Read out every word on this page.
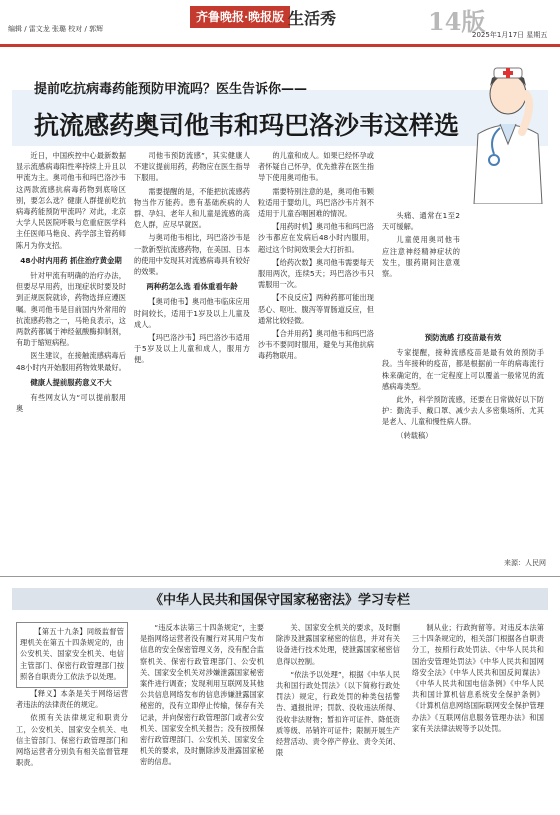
编辑 / 雷文龙 张璐 校对 / 郭辉
齐鲁晚报·晚报版 生活秀	14版
2025年1月17日 星期五
提前吃抗病毒药能预防甲流吗？医生告诉你——
抗流感药奥司他韦和玛巴洛沙韦这样选

近日，中国疾控中心最新数据显示流感病毒阳性率持续上升且以甲流为主。奥司他韦和玛巴洛沙韦这两款流感抗病毒药物到底啥区别，要怎么选？健康人群提前吃抗病毒药能预防甲流吗？对此，北京大学人民医院呼吸与危重症医学科主任医师马艳良、药学部主管药师陈月为你支招。

48小时内用药 抓住治疗黄金期

针对甲流有明确的治疗办法，但要尽早用药，出现症状时要及时到正规医院就诊，药物选择应遵医嘱。奥司他韦是目前国内外常用的抗流感药物之一，马艳良表示，这两款药都属于神经氨酸酶抑制剂，有助于缩短病程。

医生建议，在接触流感病毒后48小时内开始服用药物效果最好。

健康人提前服药意义不大

有些网友认为“可以提前服用奥

司他韦预防流感”，其实健康人不建议提前用药，药物应在医生指导下服用。

需要提醒的是，不能把抗流感药物当作万能药。患有基础疾病的人群、孕妇、老年人和儿童是流感的高危人群，应尽早就医。

与奥司他韦相比，玛巴洛沙韦是一款新型抗流感药物，在美国、日本的使用中发现其对流感病毒具有较好的效果。

两种药怎么选 看体重看年龄

【奥司他韦】奥司他韦临床应用时间较长，适用于1岁及以上儿童及成人。

【玛巴洛沙韦】玛巴洛沙韦适用于5岁及以上儿童和成人，服用方便。

的儿童和成人。如果已经怀孕或者怀疑自己怀孕，优先推荐在医生指导下使用奥司他韦。

需要特别注意的是，奥司他韦颗粒适用于婴幼儿，玛巴洛沙韦片剂不适用于儿童吞咽困难的情况。

【用药时机】奥司他韦和玛巴洛沙韦都应在发病后48小时内服用，超过这个时间效果会大打折扣。

【给药次数】奥司他韦需要每天服用两次，连续5天；玛巴洛沙韦只需服用一次。

【不良反应】两种药都可能出现恶心、呕吐、腹泻等胃肠道反应，但通常比较轻微。

【合并用药】奥司他韦和玛巴洛沙韦不要同时服用，避免与其他抗病毒药物联用。

头痛、通常在1至2天可缓解。

儿童使用奥司他韦应注意神经精神症状的发生，服药期间注意观察。

预防流感 打疫苗最有效

专家提醒，接种流感疫苗是最有效的预防手段。当年接种的疫苗，都是根据前一年的病毒流行株来确定的，在一定程度上可以覆盖一般常见的流感病毒类型。

此外，科学预防流感，还要在日常做好以下防护：勤洗手、戴口罩、减少去人多密集场所、尤其是老人、儿童和慢性病人群。

（转载稿）

来源：人民网
《中华人民共和国保守国家秘密法》学习专栏

【第五十九条】同级监督管理机关在第五十四条规定的，由公安机关、国家安全机关、电信主管部门、保密行政管理部门按照各自职责分工依法予以处理。

【释义】本条是关于网络运营者违法的法律责任的规定。

依照有关法律规定和职责分工，公安机关、国家安全机关、电信主管部门、保密行政管理部门和网络运营者分别负有相关监督管理职责。

“违反本法第三十四条规定”，主要是指网络运营者没有履行对其用户发布信息的安全保密管理义务，没有配合监察机关、保密行政管理部门、公安机关、国家安全机关对涉嫌泄露国家秘密案件进行调查；发现利用互联网及其他公共信息网络发布的信息涉嫌泄露国家秘密的，没有立即停止传输，保存有关记录，并向保密行政管理部门或者公安机关、国家安全机关报告；没有按照保密行政管理部门、公安机关、国家安全机关的要求，及时删除涉及泄露国家秘密的信息。

关、国家安全机关的要求，及时删除涉及泄露国家秘密的信息，并对有关设备进行技术处理，使泄露国家秘密信息得以控制。

“依法予以处理”，根据《中华人民共和国行政处罚法》（以下简称行政处罚法）规定，行政处罚的种类包括警告、通报批评；罚款、没收违法所得、没收非法财物；暂扣许可证件、降低资质等级、吊销许可证件；限制开展生产经营活动、责令停产停业、责令关闭、限

制从业；行政拘留等。对违反本法第三十四条规定的，相关部门根据各自职责分工，按照行政处罚法、《中华人民共和国治安管理处罚法》《中华人民共和国网络安全法》《中华人民共和国反间谍法》《中华人民共和国电信条例》《中华人民共和国计算机信息系统安全保护条例》《计算机信息网络国际联网安全保护管理办法》《互联网信息服务管理办法》和国家有关法律法规等予以处罚。
